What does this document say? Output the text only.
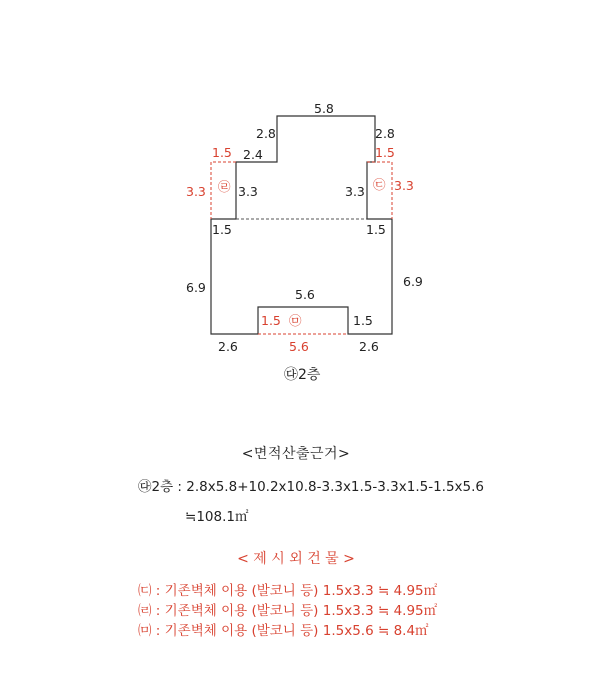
5.8
2.8	2.8
1.5 2.4	1.5
3.3 ㉣ 3.3	3.3 ㉢ 3.3
1.5	1.5
6.9	6.9
5.6
1.5 ㉤	1.5
2.6	5.6	2.6
㉰2층
<면적산출근거>
㉰2층 : 2.8x5.8+10.2x10.8-3.3x1.5-3.3x1.5-1.5x5.6
≒108.1㎡
< 제 시 외 건 물 >
㈂ : 기존벽체 이용 (발코니 등) 1.5x3.3 ≒ 4.95㎡
㈃ : 기존벽체 이용 (발코니 등) 1.5x3.3 ≒ 4.95㎡
㈄ : 기존벽체 이용 (발코니 등) 1.5x5.6 ≒ 8.4㎡
